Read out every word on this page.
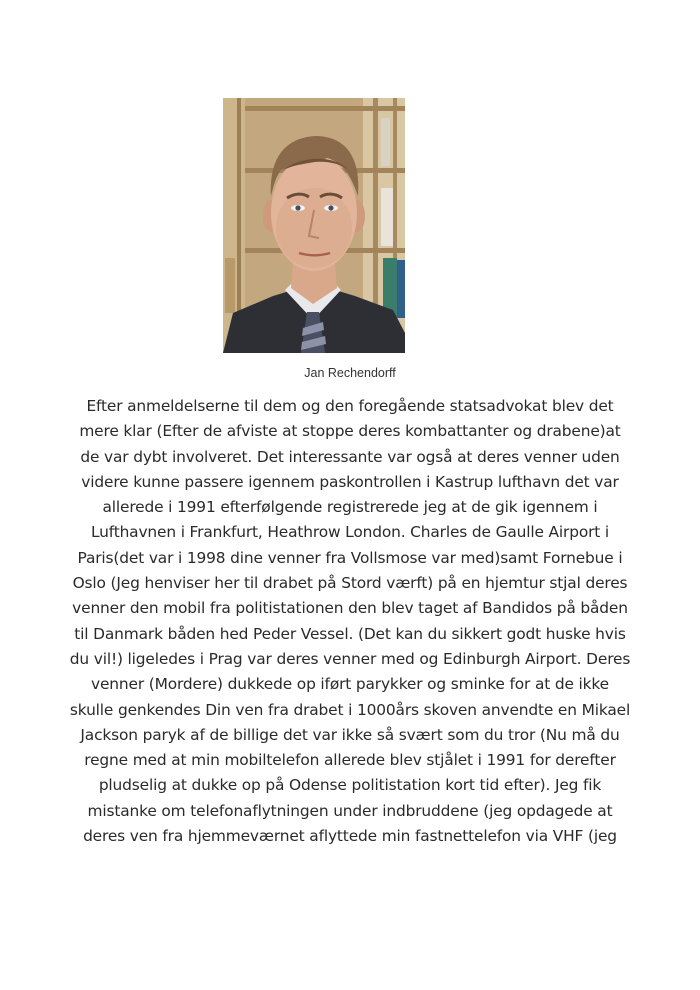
Jan Rechendorff
Efter anmeldelserne til dem og den foregående statsadvokat blev det
mere klar (Efter de afviste at stoppe deres kombattanter og drabene)at
de var dybt involveret. Det interessante var også at deres venner uden
videre kunne passere igennem paskontrollen i Kastrup lufthavn det var
allerede i 1991 efterfølgende registrerede jeg at de gik igennem i
Lufthavnen i Frankfurt, Heathrow London. Charles de Gaulle Airport i
Paris(det var i 1998 dine venner fra Vollsmose var med)samt Fornebue i
Oslo (Jeg henviser her til drabet på Stord værft) på en hjemtur stjal deres
venner den mobil fra politistationen den blev taget af Bandidos på båden
til Danmark båden hed Peder Vessel. (Det kan du sikkert godt huske hvis
du vil!) ligeledes i Prag var deres venner med og Edinburgh Airport. Deres
venner (Mordere) dukkede op iført parykker og sminke for at de ikke
skulle genkendes Din ven fra drabet i 1000års skoven anvendte en Mikael
Jackson paryk af de billige det var ikke så svært som du tror (Nu må du
regne med at min mobiltelefon allerede blev stjålet i 1991 for derefter
pludselig at dukke op på Odense politistation kort tid efter). Jeg fik
mistanke om telefonaflytningen under indbruddene (jeg opdagede at
deres ven fra hjemmeværnet aflyttede min fastnettelefon via VHF (jeg
